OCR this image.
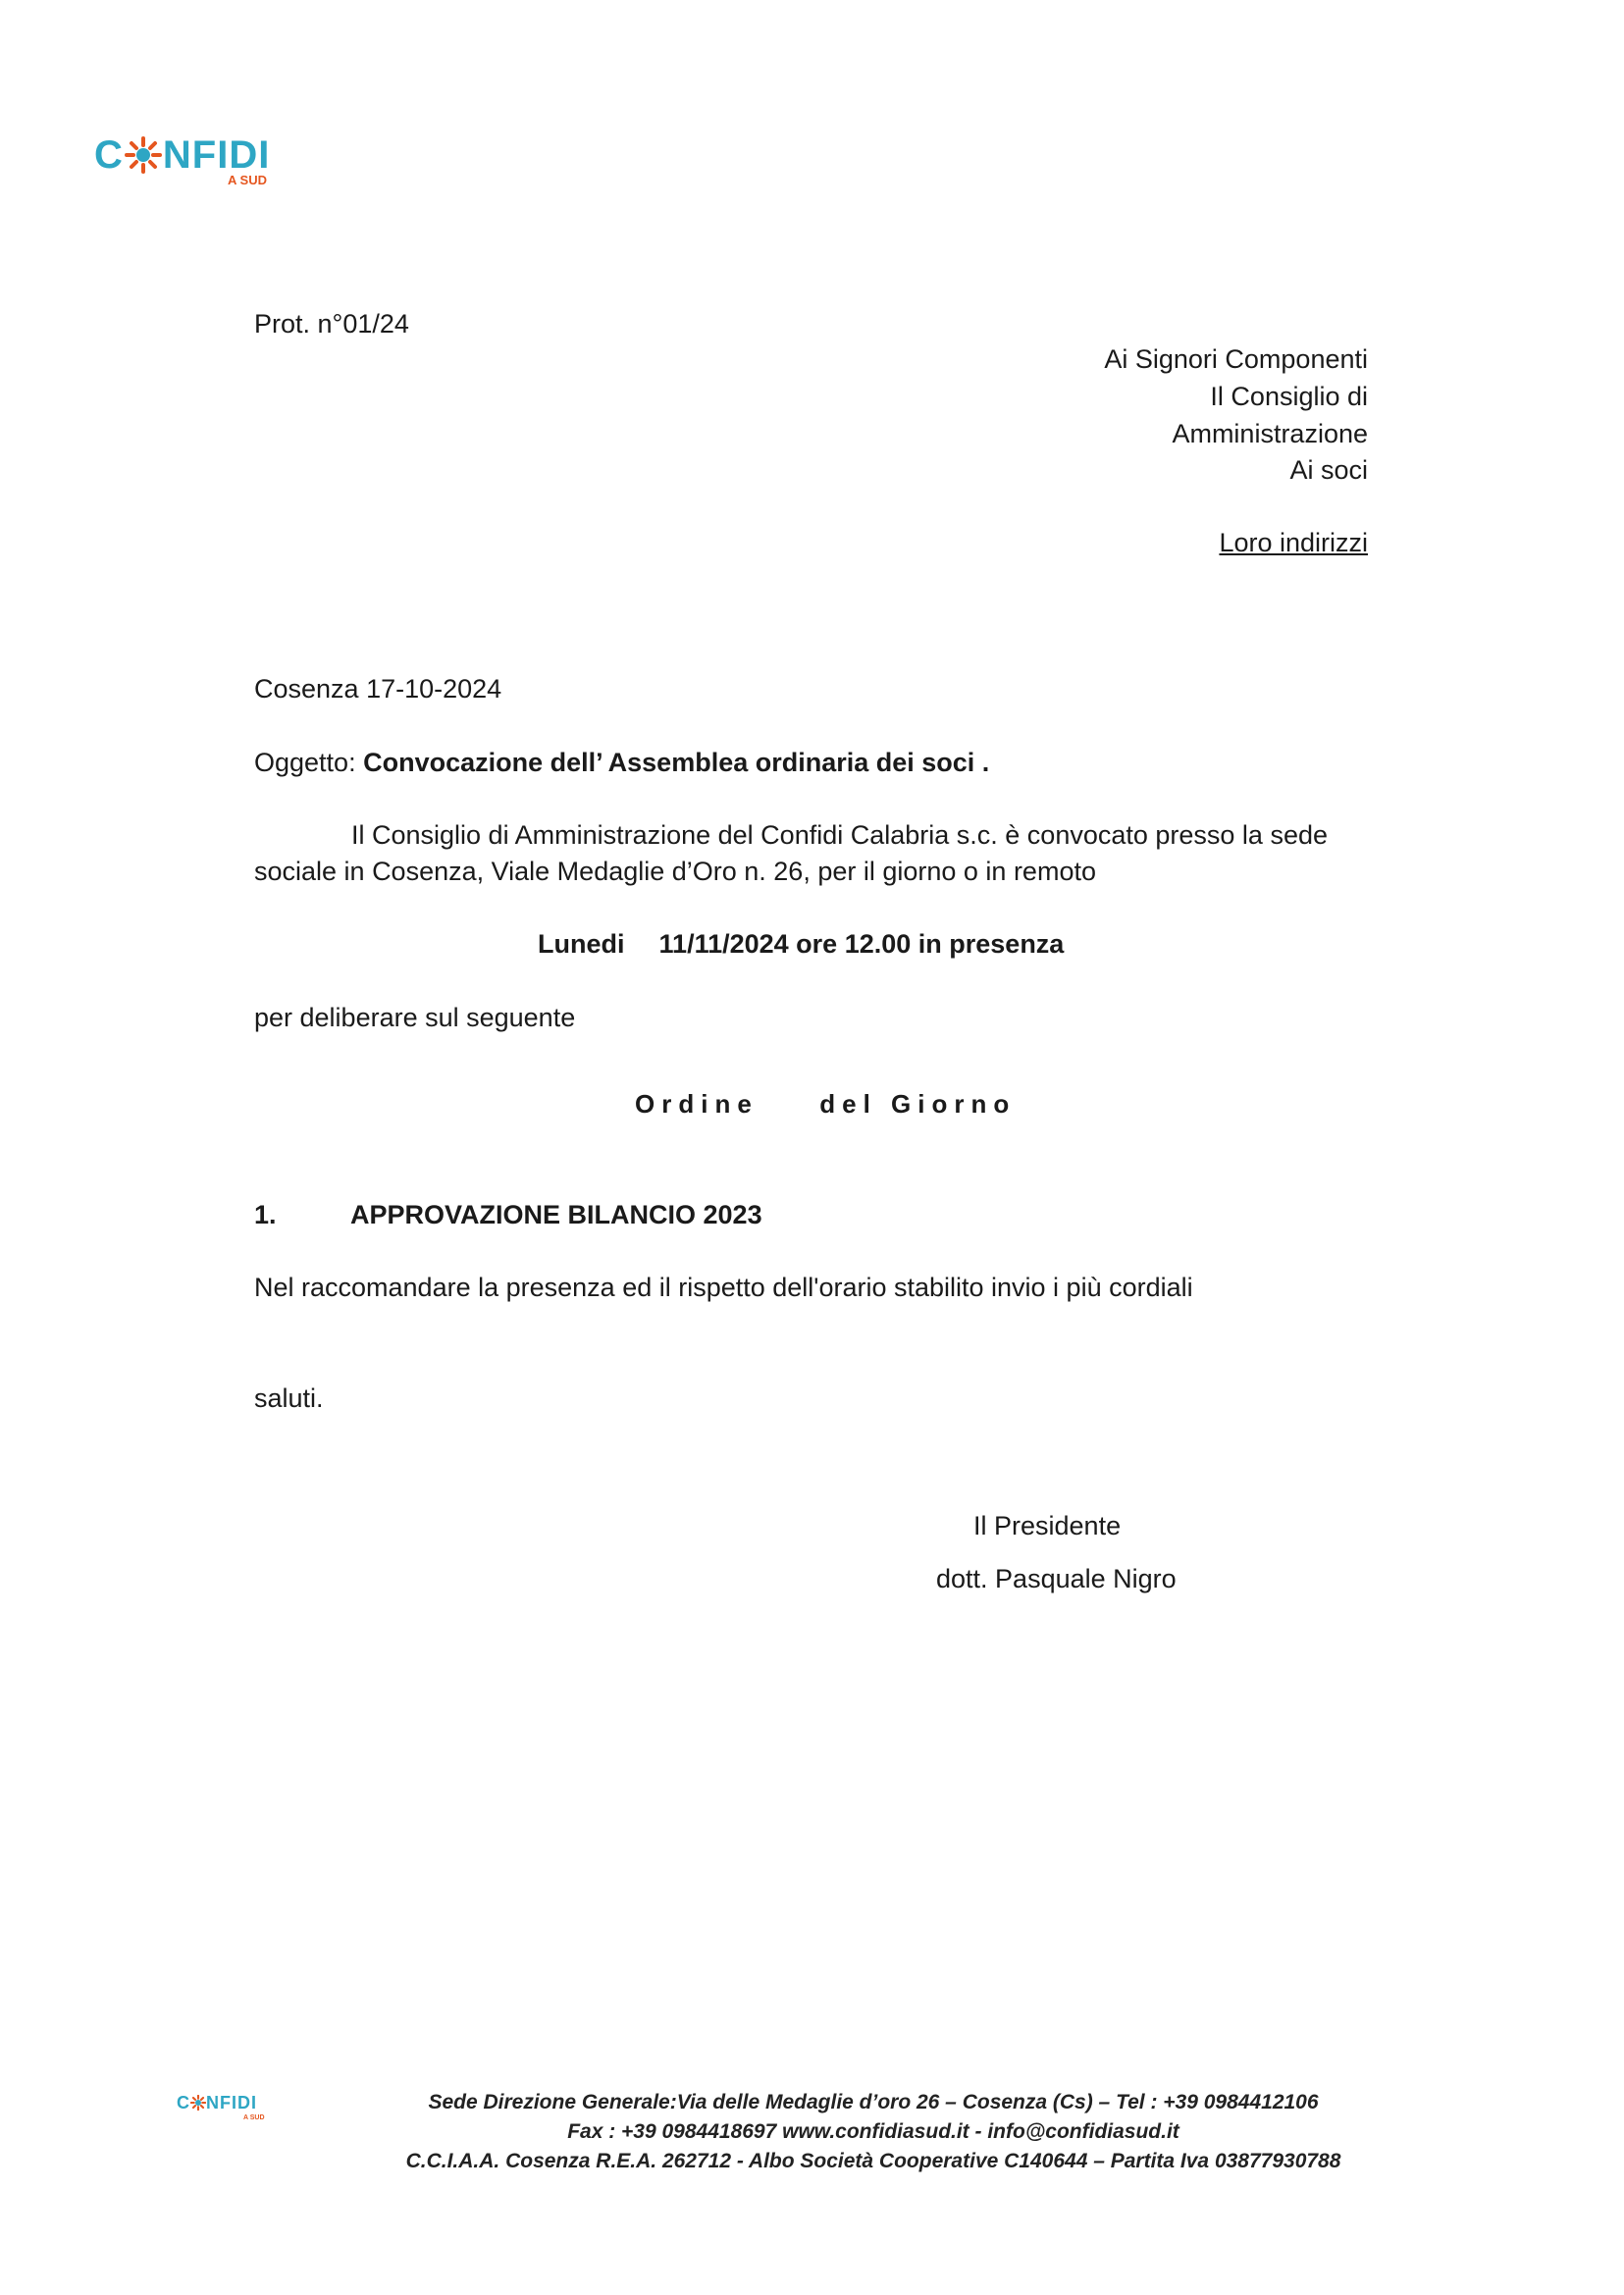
C NFIDI
A SUD
Prot. n°01/24
Ai Signori Componenti
Il Consiglio di
Amministrazione
Ai soci
Loro indirizzi
Cosenza 17-10-2024
Oggetto: Convocazione dell’ Assemblea ordinaria dei soci .
Il Consiglio di Amministrazione del Confidi Calabria s.c. è convocato presso la sede
sociale in Cosenza, Viale Medaglie d’Oro n. 26, per il giorno o in remoto
Lunedi 11/11/2024 ore 12.00 in presenza
per deliberare sul seguente
Ordine del Giorno
1.	APPROVAZIONE BILANCIO 2023
Nel raccomandare la presenza ed il rispetto dell'orario stabilito invio i più cordiali
saluti.
Il Presidente
dott. Pasquale Nigro
C NFIDI
A SUD
Sede Direzione Generale:Via delle Medaglie d’oro 26 – Cosenza (Cs) – Tel : +39 0984412106
Fax : +39 0984418697 www.confidiasud.it - info@confidiasud.it
C.C.I.A.A. Cosenza R.E.A. 262712 - Albo Società Cooperative C140644 – Partita Iva 03877930788
